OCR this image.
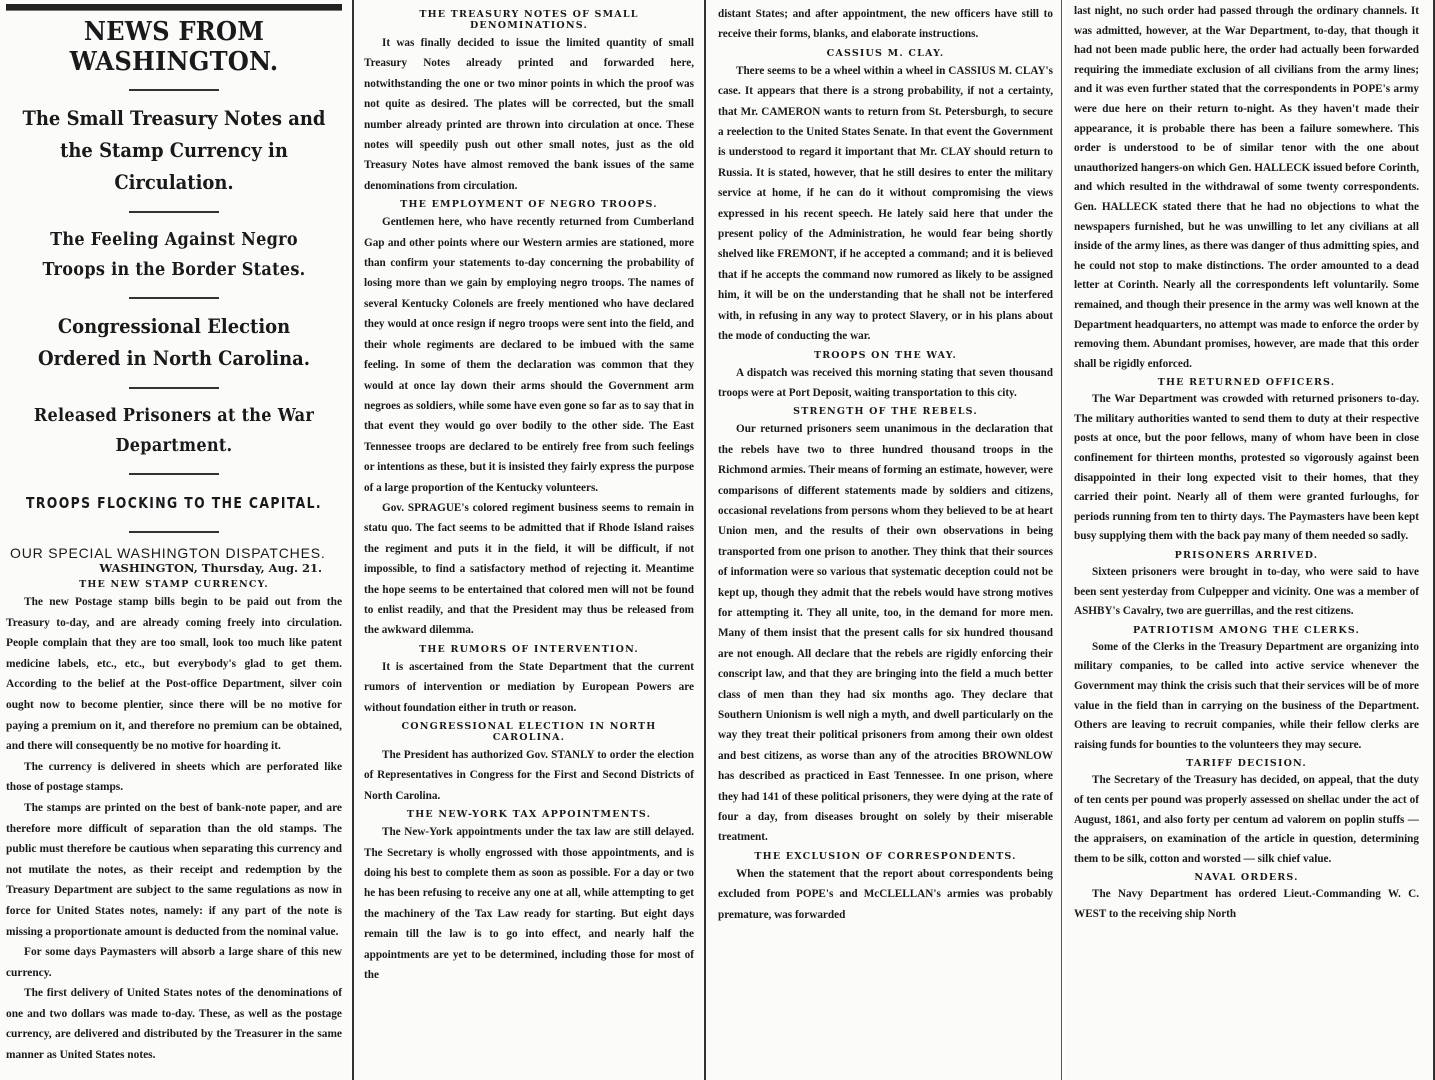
NEWS FROM WASHINGTON.
The Small Treasury Notes and the Stamp Currency in Circulation.
The Feeling Against Negro Troops in the Border States.
Congressional Election Ordered in North Carolina.
Released Prisoners at the War Department.
TROOPS FLOCKING TO THE CAPITAL.
OUR SPECIAL WASHINGTON DISPATCHES.
WASHINGTON, Thursday, Aug. 21.
THE NEW STAMP CURRENCY.

The new Postage stamp bills begin to be paid out from the Treasury to-day, and are already coming freely into circulation. People complain that they are too small, look too much like patent medicine labels, etc., etc., but everybody's glad to get them. According to the belief at the Post-office Department, silver coin ought now to become plentier, since there will be no motive for paying a premium on it, and therefore no premium can be obtained, and there will consequently be no motive for hoarding it.

The currency is delivered in sheets which are perforated like those of postage stamps.

The stamps are printed on the best of bank-note paper, and are therefore more difficult of separation than the old stamps. The public must therefore be cautious when separating this currency and not mutilate the notes, as their receipt and redemption by the Treasury Department are subject to the same regulations as now in force for United States notes, namely: if any part of the note is missing a proportionate amount is deducted from the nominal value.

For some days Paymasters will absorb a large share of this new currency.

The first delivery of United States notes of the denominations of one and two dollars was made to-day. These, as well as the postage currency, are delivered and distributed by the Treasurer in the same manner as United States notes.

THE TREASURY NOTES OF SMALL DENOMINATIONS.

It was finally decided to issue the limited quantity of small Treasury Notes already printed and forwarded here, notwithstanding the one or two minor points in which the proof was not quite as desired. The plates will be corrected, but the small number already printed are thrown into circulation at once. These notes will speedily push out other small notes, just as the old Treasury Notes have almost removed the bank issues of the same denominations from circulation.

THE EMPLOYMENT OF NEGRO TROOPS.

Gentlemen here, who have recently returned from Cumberland Gap and other points where our Western armies are stationed, more than confirm your statements to-day concerning the probability of losing more than we gain by employing negro troops. The names of several Kentucky Colonels are freely mentioned who have declared they would at once resign if negro troops were sent into the field, and their whole regiments are declared to be imbued with the same feeling. In some of them the declaration was common that they would at once lay down their arms should the Government arm negroes as soldiers, while some have even gone so far as to say that in that event they would go over bodily to the other side. The East Tennessee troops are declared to be entirely free from such feelings or intentions as these, but it is insisted they fairly express the purpose of a large proportion of the Kentucky volunteers.

Gov. SPRAGUE's colored regiment business seems to remain in statu quo. The fact seems to be admitted that if Rhode Island raises the regiment and puts it in the field, it will be difficult, if not impossible, to find a satisfactory method of rejecting it. Meantime the hope seems to be entertained that colored men will not be found to enlist readily, and that the President may thus be released from the awkward dilemma.

THE RUMORS OF INTERVENTION.

It is ascertained from the State Department that the current rumors of intervention or mediation by European Powers are without foundation either in truth or reason.

CONGRESSIONAL ELECTION IN NORTH CAROLINA.

The President has authorized Gov. STANLY to order the election of Representatives in Congress for the First and Second Districts of North Carolina.

THE NEW-YORK TAX APPOINTMENTS.

The New-York appointments under the tax law are still delayed. The Secretary is wholly engrossed with those appointments, and is doing his best to complete them as soon as possible. For a day or two he has been refusing to receive any one at all, while attempting to get the machinery of the Tax Law ready for starting. But eight days remain till the law is to go into effect, and nearly half the appointments are yet to be determined, including those for most of the

distant States; and after appointment, the new officers have still to receive their forms, blanks, and elaborate instructions.

CASSIUS M. CLAY.

There seems to be a wheel within a wheel in CASSIUS M. CLAY's case. It appears that there is a strong probability, if not a certainty, that Mr. CAMERON wants to return from St. Petersburgh, to secure a reelection to the United States Senate. In that event the Government is understood to regard it important that Mr. CLAY should return to Russia. It is stated, however, that he still desires to enter the military service at home, if he can do it without compromising the views expressed in his recent speech. He lately said here that under the present policy of the Administration, he would fear being shortly shelved like FREMONT, if he accepted a command; and it is believed that if he accepts the command now rumored as likely to be assigned him, it will be on the understanding that he shall not be interfered with, in refusing in any way to protect Slavery, or in his plans about the mode of conducting the war.

TROOPS ON THE WAY.

A dispatch was received this morning stating that seven thousand troops were at Port Deposit, waiting transportation to this city.

STRENGTH OF THE REBELS.

Our returned prisoners seem unanimous in the declaration that the rebels have two to three hundred thousand troops in the Richmond armies. Their means of forming an estimate, however, were comparisons of different statements made by soldiers and citizens, occasional revelations from persons whom they believed to be at heart Union men, and the results of their own observations in being transported from one prison to another. They think that their sources of information were so various that systematic deception could not be kept up, though they admit that the rebels would have strong motives for attempting it. They all unite, too, in the demand for more men. Many of them insist that the present calls for six hundred thousand are not enough. All declare that the rebels are rigidly enforcing their conscript law, and that they are bringing into the field a much better class of men than they had six months ago. They declare that Southern Unionism is well nigh a myth, and dwell particularly on the way they treat their political prisoners from among their own oldest and best citizens, as worse than any of the atrocities BROWNLOW has described as practiced in East Tennessee. In one prison, where they had 141 of these political prisoners, they were dying at the rate of four a day, from diseases brought on solely by their miserable treatment.

THE EXCLUSION OF CORRESPONDENTS.

When the statement that the report about correspondents being excluded from POPE's and McCLELLAN's armies was probably premature, was forwarded

last night, no such order had passed through the ordinary channels. It was admitted, however, at the War Department, to-day, that though it had not been made public here, the order had actually been forwarded requiring the immediate exclusion of all civilians from the army lines; and it was even further stated that the correspondents in POPE's army were due here on their return to-night. As they haven't made their appearance, it is probable there has been a failure somewhere. This order is understood to be of similar tenor with the one about unauthorized hangers-on which Gen. HALLECK issued before Corinth, and which resulted in the withdrawal of some twenty correspondents. Gen. HALLECK stated there that he had no objections to what the newspapers furnished, but he was unwilling to let any civilians at all inside of the army lines, as there was danger of thus admitting spies, and he could not stop to make distinctions. The order amounted to a dead letter at Corinth. Nearly all the correspondents left voluntarily. Some remained, and though their presence in the army was well known at the Department headquarters, no attempt was made to enforce the order by removing them. Abundant promises, however, are made that this order shall be rigidly enforced.

THE RETURNED OFFICERS.

The War Department was crowded with returned prisoners to-day. The military authorities wanted to send them to duty at their respective posts at once, but the poor fellows, many of whom have been in close confinement for thirteen months, protested so vigorously against been disappointed in their long expected visit to their homes, that they carried their point. Nearly all of them were granted furloughs, for periods running from ten to thirty days. The Paymasters have been kept busy supplying them with the back pay many of them needed so sadly.

PRISONERS ARRIVED.

Sixteen prisoners were brought in to-day, who were said to have been sent yesterday from Culpepper and vicinity. One was a member of ASHBY's Cavalry, two are guerrillas, and the rest citizens.

PATRIOTISM AMONG THE CLERKS.

Some of the Clerks in the Treasury Department are organizing into military companies, to be called into active service whenever the Government may think the crisis such that their services will be of more value in the field than in carrying on the business of the Department. Others are leaving to recruit companies, while their fellow clerks are raising funds for bounties to the volunteers they may secure.

TARIFF DECISION.

The Secretary of the Treasury has decided, on appeal, that the duty of ten cents per pound was properly assessed on shellac under the act of August, 1861, and also forty per centum ad valorem on poplin stuffs — the appraisers, on examination of the article in question, determining them to be silk, cotton and worsted — silk chief value.

NAVAL ORDERS.

The Navy Department has ordered Lieut.-Commanding W. C. WEST to the receiving ship North
